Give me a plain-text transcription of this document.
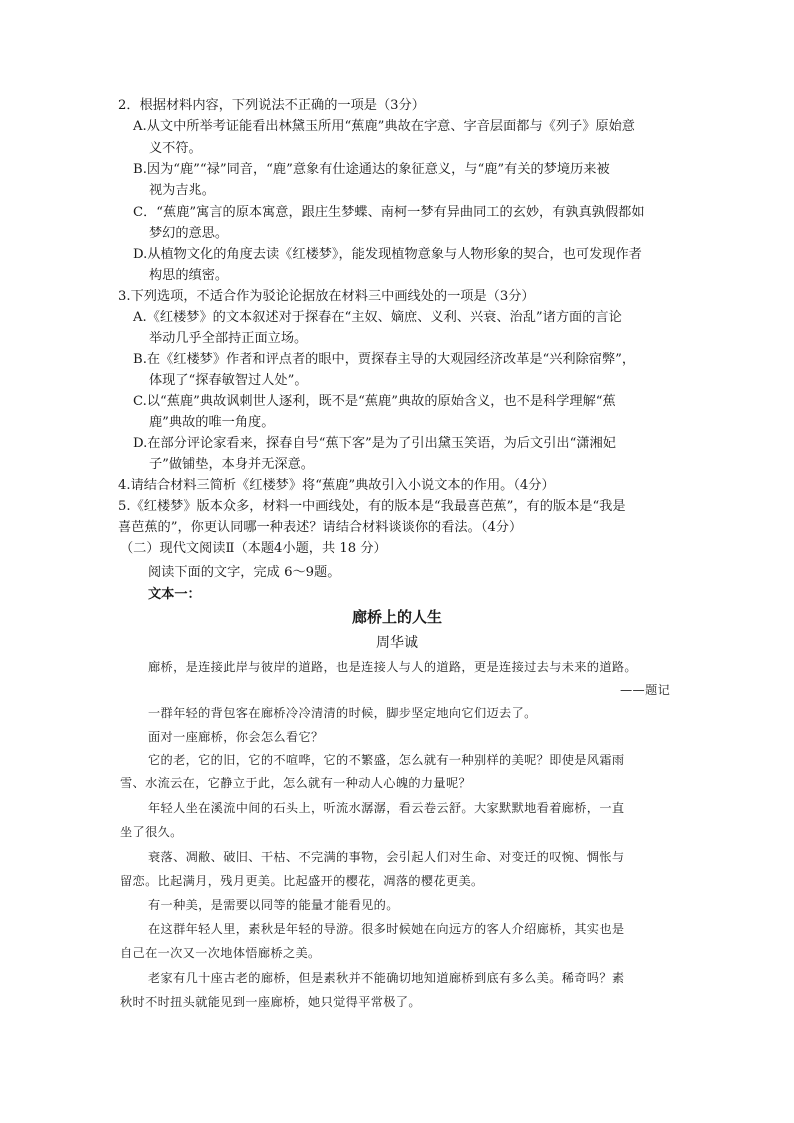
2．根据材料内容，下列说法不正确的一项是（3分）
A.从文中所举考证能看出林黛玉所用“蕉鹿”典故在字意、字音层面都与《列子》原始意
义不符。
B.因为“鹿”“禄”同音，“鹿”意象有仕途通达的象征意义，与“鹿”有关的梦境历来被
视为吉兆。
C．“蕉鹿”寓言的原本寓意，跟庄生梦蝶、南柯一梦有异曲同工的玄妙，有孰真孰假都如
梦幻的意思。
D.从植物文化的角度去读《红楼梦》，能发现植物意象与人物形象的契合，也可发现作者
构思的缜密。
3.下列选项，不适合作为驳论论据放在材料三中画线处的一项是（3分）
A.《红楼梦》的文本叙述对于探春在“主奴、嫡庶、义利、兴衰、治乱”诸方面的言论
举动几乎全部持正面立场。
B.在《红楼梦》作者和评点者的眼中，贾探春主导的大观园经济改革是“兴利除宿弊”，
体现了“探春敏智过人处”。
C.以“蕉鹿”典故讽刺世人逐利，既不是“蕉鹿”典故的原始含义，也不是科学理解“蕉
鹿”典故的唯一角度。
D.在部分评论家看来，探春自号“蕉下客”是为了引出黛玉笑语，为后文引出“潇湘妃
子”做铺垫，本身并无深意。
4.请结合材料三简析《红楼梦》将“蕉鹿”典故引入小说文本的作用。（4分）
5.《红楼梦》版本众多，材料一中画线处，有的版本是“我最喜芭蕉”，有的版本是“我是
喜芭蕉的”，你更认同哪一种表述？请结合材料谈谈你的看法。（4分）
（二）现代文阅读Ⅱ（本题4小题，共 18 分）
阅读下面的文字，完成 6～9题。
文本一：
廊桥上的人生
周华诚
廊桥，是连接此岸与彼岸的道路，也是连接人与人的道路，更是连接过去与未来的道路。
——题记
一群年轻的背包客在廊桥冷冷清清的时候，脚步坚定地向它们迈去了。
面对一座廊桥，你会怎么看它？
它的老，它的旧，它的不喧哗，它的不繁盛，怎么就有一种别样的美呢？即使是风霜雨
雪、水流云在，它静立于此，怎么就有一种动人心魄的力量呢？
年轻人坐在溪流中间的石头上，听流水潺潺，看云卷云舒。大家默默地看着廊桥，一直
坐了很久。
衰落、凋敝、破旧、干枯、不完满的事物，会引起人们对生命、对变迁的叹惋、惆怅与
留恋。比起满月，残月更美。比起盛开的樱花，凋落的樱花更美。
有一种美，是需要以同等的能量才能看见的。
在这群年轻人里，素秋是年轻的导游。很多时候她在向远方的客人介绍廊桥，其实也是
自己在一次又一次地体悟廊桥之美。
老家有几十座古老的廊桥，但是素秋并不能确切地知道廊桥到底有多么美。稀奇吗？素
秋时不时扭头就能见到一座廊桥，她只觉得平常极了。
